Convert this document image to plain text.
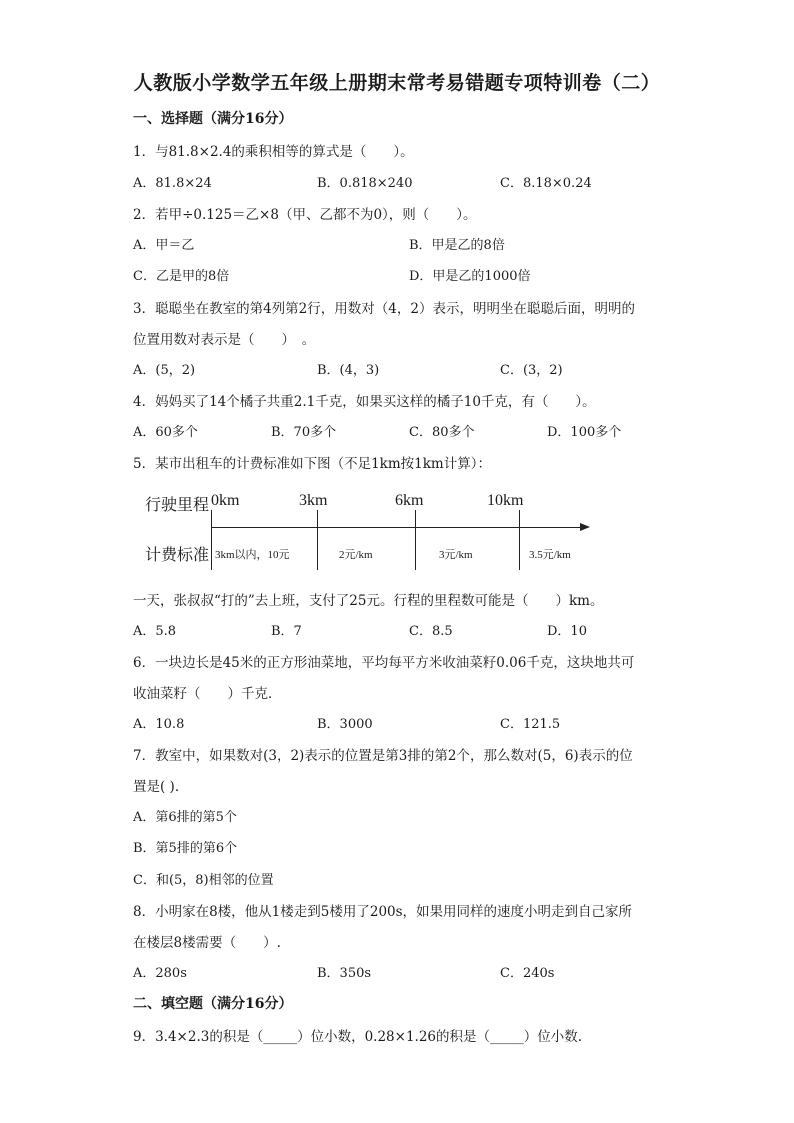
人教版小学数学五年级上册期末常考易错题专项特训卷（二）
一、选择题（满分16分）
1．与81.8×2.4的乘积相等的算式是（　　）。
A．81.8×24	B．0.818×240	C．8.18×0.24
2．若甲÷0.125＝乙×8（甲、乙都不为0），则（　　）。
A．甲＝乙	B．甲是乙的8倍
C．乙是甲的8倍	D．甲是乙的1000倍
3．聪聪坐在教室的第4列第2行，用数对（4，2）表示，明明坐在聪聪后面，明明的
位置用数对表示是（　　）　。
A．(5，2)	B．(4，3)	C．(3，2)
4．妈妈买了14个橘子共重2.1千克，如果买这样的橘子10千克，有（　　）。
A．60多个	B．70多个	C．80多个	D．100多个
5．某市出租车的计费标准如下图（不足1km按1km计算）：
行驶里程
计费标准
0km	3km	6km	10km
3km以内，10元	2元/km	3元/km	3.5元/km
一天，张叔叔“打的”去上班，支付了25元。行程的里程数可能是（　　）km。
A．5.8	B．7	C．8.5	D．10
6．一块边长是45米的正方形油菜地，平均每平方米收油菜籽0.06千克，这块地共可
收油菜籽（　　）千克．
A．10.8	B．3000	C．121.5
7．教室中，如果数对(3，2)表示的位置是第3排的第2个，那么数对(5，6)表示的位
置是( )．
A．第6排的第5个
B．第5排的第6个
C．和(5，8)相邻的位置
8．小明家在8楼，他从1楼走到5楼用了200s，如果用同样的速度小明走到自己家所
在楼层8楼需要（　　）.
A．280s	B．350s	C．240s
二、填空题（满分16分）
9．3.4×2.3的积是（_____）位小数，0.28×1.26的积是（_____）位小数.
